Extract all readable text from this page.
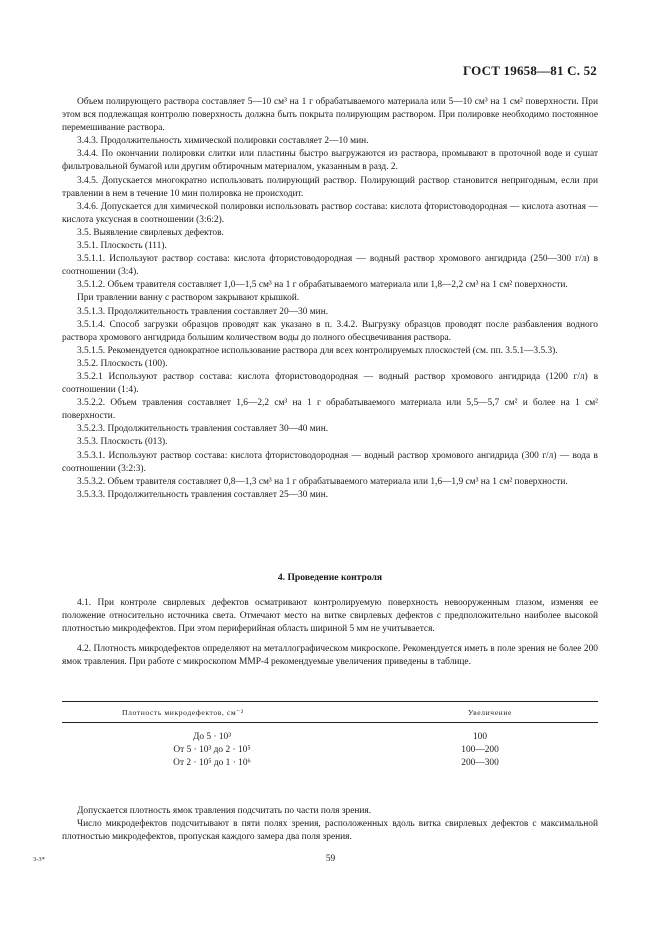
ГОСТ 19658—81 С. 52

Объем полирующего раствора составляет 5—10 см³ на 1 г обрабатываемого материала или 5—10 см³ на 1 см² поверхности. При этом вся подлежащая контролю поверхность должна быть покрыта полирующим раствором. При полировке необходимо постоянное перемешивание раствора.

3.4.3. Продолжительность химической полировки составляет 2—10 мин.

3.4.4. По окончании полировки слитки или пластины быстро выгружаются из раствора, промывают в проточной воде и сушат фильтровальной бумагой или другим обтирочным материалом, указанным в разд. 2.

3.4.5. Допускается многократно использовать полирующий раствор. Полирующий раствор становится непригодным, если при травлении в нем в течение 10 мин полировка не происходит.

3.4.6. Допускается для химической полировки использовать раствор состава: кислота фтористоводородная — кислота азотная — кислота уксусная в соотношении (3:6:2).

3.5. Выявление свирлевых дефектов.

3.5.1. Плоскость (111).

3.5.1.1. Используют раствор состава: кислота фтористоводородная — водный раствор хромового ангидрида (250—300 г/л) в соотношении (3:4).

3.5.1.2. Объем травителя составляет 1,0—1,5 см³ на 1 г обрабатываемого материала или 1,8—2,2 см³ на 1 см² поверхности.

При травлении ванну с раствором закрывают крышкой.

3.5.1.3. Продолжительность травления составляет 20—30 мин.

3.5.1.4. Способ загрузки образцов проводят как указано в п. 3.4.2. Выгрузку образцов проводят после разбавления водного раствора хромового ангидрида большим количеством воды до полного обесцвечивания раствора.

3.5.1.5. Рекомендуется однократное использование раствора для всех контролируемых плоскостей (см. пп. 3.5.1—3.5.3).

3.5.2. Плоскость (100).

3.5.2.1 Используют раствор состава: кислота фтористоводородная — водный раствор хромового ангидрида (1200 г/л) в соотношении (1:4).

3.5.2.2. Объем травления составляет 1,6—2,2 см³ на 1 г обрабатываемого материала или 5,5—5,7 см² и более на 1 см² поверхности.

3.5.2.3. Продолжительность травления составляет 30—40 мин.

3.5.3. Плоскость (013).

3.5.3.1. Используют раствор состава: кислота фтористоводородная — водный раствор хромового ангидрида (300 г/л) — вода в соотношении (3:2:3).

3.5.3.2. Объем травителя составляет 0,8—1,3 см³ на 1 г обрабатываемого материала или 1,6—1,9 см³ на 1 см² поверхности.

3.5.3.3. Продолжительность травления составляет 25—30 мин.

4. Проведение контроля

4.1. При контроле свирлевых дефектов осматривают контролируемую поверхность невооруженным глазом, изменяя ее положение относительно источника света. Отмечают место на витке свирлевых дефектов с предположительно наиболее высокой плотностью микродефектов. При этом периферийная область шириной 5 мм не учитывается.

4.2. Плотность микродефектов определяют на металлографическом микроскопе. Рекомендуется иметь в поле зрения не более 200 ямок травления. При работе с микроскопом ММР-4 рекомендуемые увеличения приведены в таблице.

Плотность микродефектов, см⁻²	Увеличение
До 5 · 10³	100
От 5 · 10³ до 2 · 10⁵	100—200
От 2 · 10⁵ до 1 · 10⁶	200—300

Допускается плотность ямок травления подсчитать по части поля зрения.

Число микродефектов подсчитывают в пяти полях зрения, расположенных вдоль витка свирлевых дефектов с максимальной плотностью микродефектов, пропуская каждого замера два поля зрения.

3-3*	59
